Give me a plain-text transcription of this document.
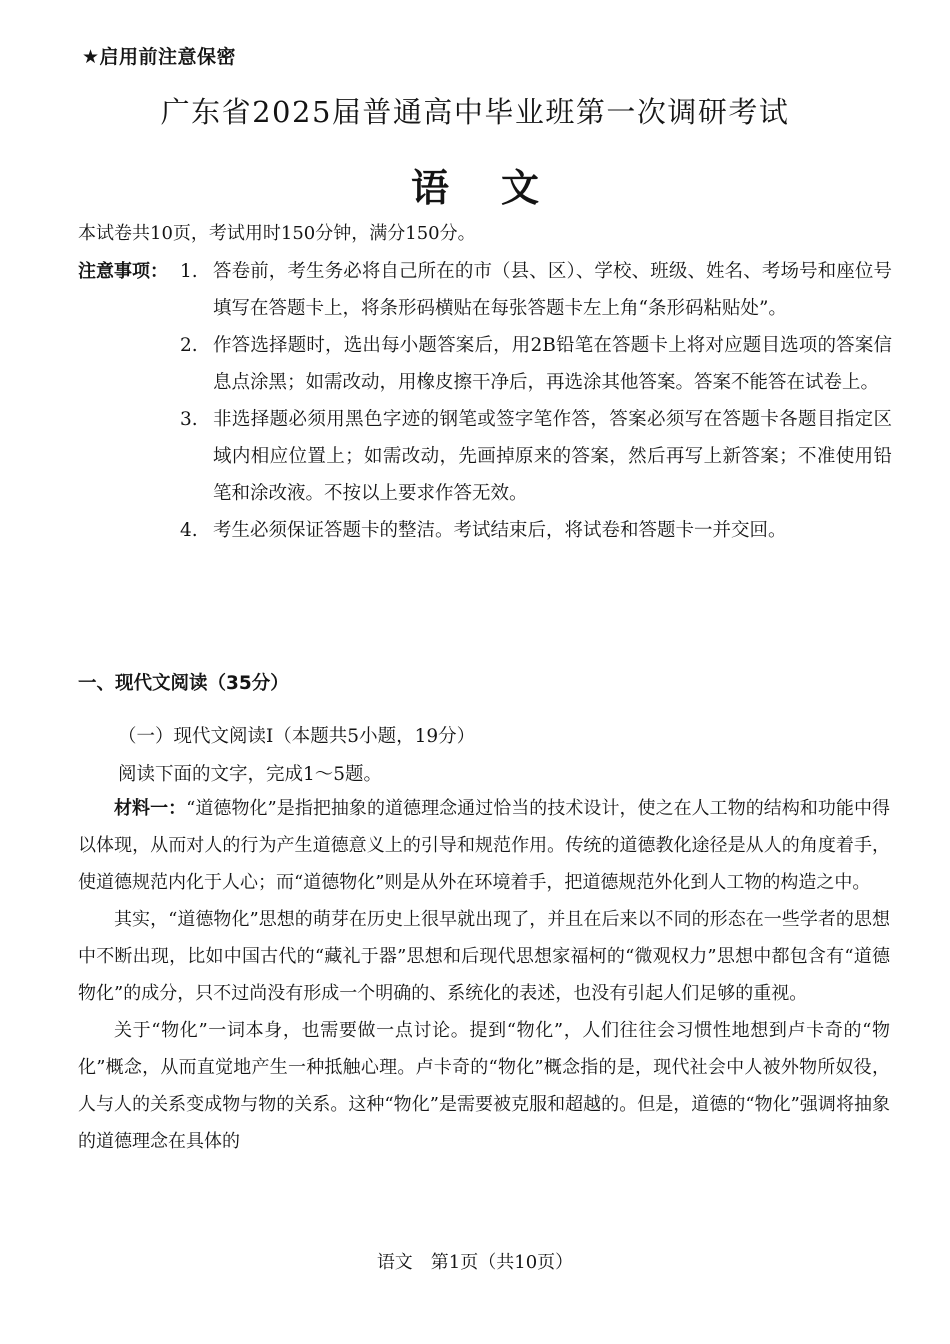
★启用前注意保密
广东省2025届普通高中毕业班第一次调研考试
语文
本试卷共10页，考试用时150分钟，满分150分。
注意事项： 1. 答卷前，考生务必将自己所在的市（县、区）、学校、班级、姓名、考场号和座位号填写在答题卡上，将条形码横贴在每张答题卡左上角“条形码粘贴处”。
2. 作答选择题时，选出每小题答案后，用2B铅笔在答题卡上将对应题目选项的答案信息点涂黑；如需改动，用橡皮擦干净后，再选涂其他答案。答案不能答在试卷上。
3. 非选择题必须用黑色字迹的钢笔或签字笔作答，答案必须写在答题卡各题目指定区域内相应位置上；如需改动，先画掉原来的答案，然后再写上新答案；不准使用铅笔和涂改液。不按以上要求作答无效。
4. 考生必须保证答题卡的整洁。考试结束后，将试卷和答题卡一并交回。
一、现代文阅读（35分）
（一）现代文阅读Ⅰ（本题共5小题，19分）
阅读下面的文字，完成1～5题。

材料一：“道德物化”是指把抽象的道德理念通过恰当的技术设计，使之在人工物的结构和功能中得以体现，从而对人的行为产生道德意义上的引导和规范作用。传统的道德教化途径是从人的角度着手，使道德规范内化于人心；而“道德物化”则是从外在环境着手，把道德规范外化到人工物的构造之中。

其实，“道德物化”思想的萌芽在历史上很早就出现了，并且在后来以不同的形态在一些学者的思想中不断出现，比如中国古代的“藏礼于器”思想和后现代思想家福柯的“微观权力”思想中都包含有“道德物化”的成分，只不过尚没有形成一个明确的、系统化的表述，也没有引起人们足够的重视。

关于“物化”一词本身，也需要做一点讨论。提到“物化”，人们往往会习惯性地想到卢卡奇的“物化”概念，从而直觉地产生一种抵触心理。卢卡奇的“物化”概念指的是，现代社会中人被外物所奴役，人与人的关系变成物与物的关系。这种“物化”是需要被克服和超越的。但是，道德的“物化”强调将抽象的道德理念在具体的

语文　第1页（共10页）
